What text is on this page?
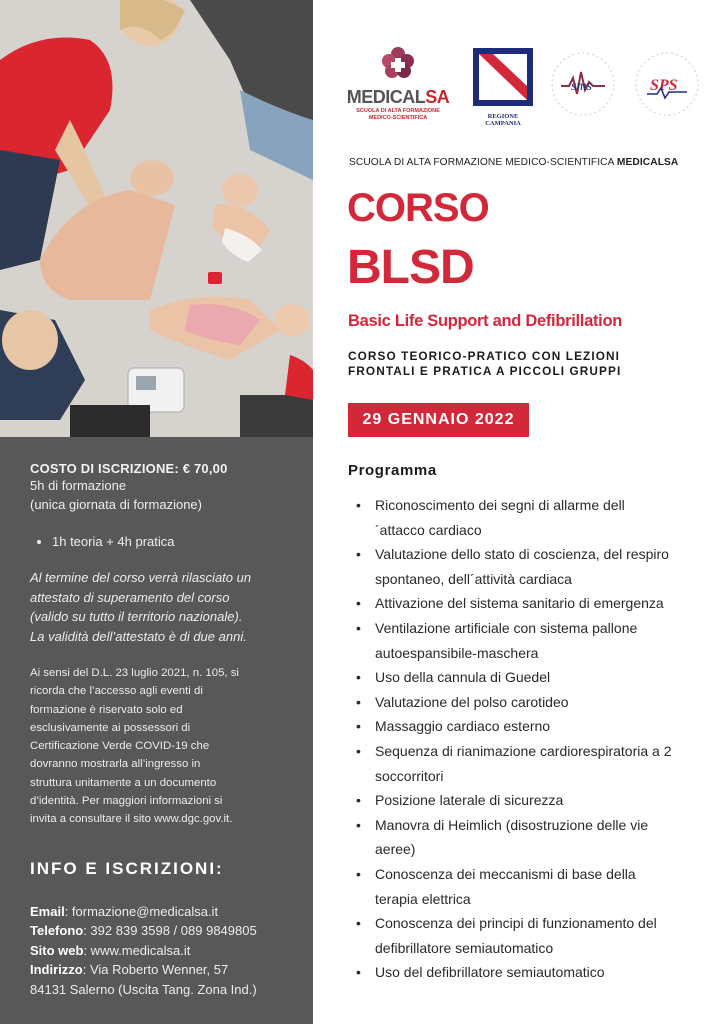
COSTO DI ISCRIZIONE: € 70,00
5h di formazione
(unica giornata di formazione)
• 1h teoria + 4h pratica
Al termine del corso verrà rilasciato un
attestato di superamento del corso
(valido su tutto il territorio nazionale).
La validità dell’attestato è di due anni.
Ai sensi del D.L. 23 luglio 2021, n. 105, si
ricorda che l’accesso agli eventi di
formazione è riservato solo ed
esclusivamente ai possessori di
Certificazione Verde COVID-19 che
dovranno mostrarla all’ingresso in
struttura unitamente a un documento
d’identità. Per maggiori informazioni si
invita a consultare il sito www.dgc.gov.it.
INFO E ISCRIZIONI:
Email: formazione@medicalsa.it
Telefono: 392 839 3598 / 089 9849805
Sito web: www.medicalsa.it
Indirizzo: Via Roberto Wenner, 57
84131 Salerno (Uscita Tang. Zona Ind.)
MEDICALSA
SCUOLA DI ALTA FORMAZIONE
MEDICO-SCIENTIFICA	REGIONE CAMPANIA
sms	SPS
SCUOLA DI ALTA FORMAZIONE MEDICO-SCIENTIFICA MEDICALSA
CORSO
BLSD
Basic Life Support and Defibrillation
CORSO TEORICO-PRATICO CON LEZIONI
FRONTALI E PRATICA A PICCOLI GRUPPI
29 GENNAIO 2022
Programma
• Riconoscimento dei segni di allarme dell
´attacco cardiaco
• Valutazione dello stato di coscienza, del respiro
spontaneo, dell´attività cardiaca
• Attivazione del sistema sanitario di emergenza
• Ventilazione artificiale con sistema pallone
autoespansibile-maschera
• Uso della cannula di Guedel
• Valutazione del polso carotideo
• Massaggio cardiaco esterno
• Sequenza di rianimazione cardiorespiratoria a 2
soccorritori
• Posizione laterale di sicurezza
• Manovra di Heimlich (disostruzione delle vie
aeree)
• Conoscenza dei meccanismi di base della
terapia elettrica
• Conoscenza dei principi di funzionamento del
defibrillatore semiautomatico
• Uso del defibrillatore semiautomatico
